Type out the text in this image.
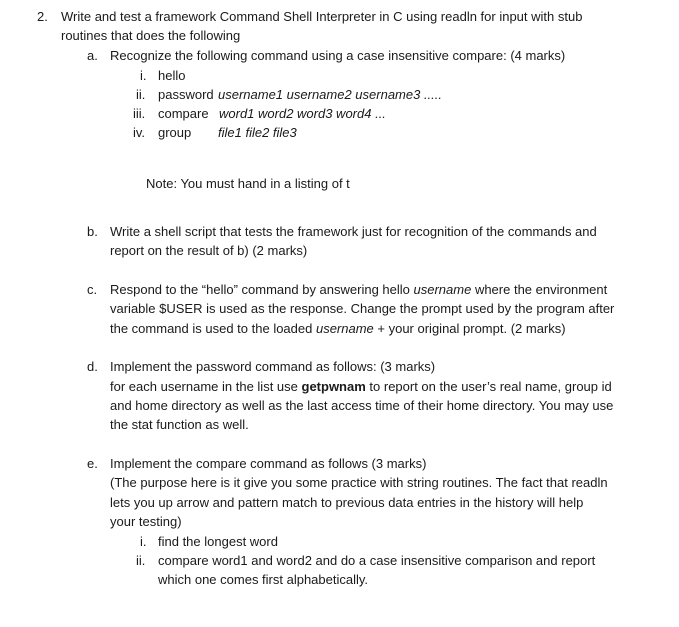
2. Write and test a framework Command Shell Interpreter in C using readln for input with stub
routines that does the following
a. Recognize the following command using a case insensitive compare: (4 marks)
i. hello
ii. password username1 username2 username3 .....
iii. compare word1 word2 word3 word4 ...
iv. group file1 file2 file3
Note: You must hand in a listing of t
b. Write a shell script that tests the framework just for recognition of the commands and
report on the result of b) (2 marks)
c. Respond to the “hello” command by answering hello username where the environment
variable $USER is used as the response. Change the prompt used by the program after
the command is used to the loaded username + your original prompt. (2 marks)
d. Implement the password command as follows: (3 marks)
for each username in the list use getpwnam to report on the user’s real name, group id
and home directory as well as the last access time of their home directory. You may use
the stat function as well.
e. Implement the compare command as follows (3 marks)
(The purpose here is it give you some practice with string routines. The fact that readln
lets you up arrow and pattern match to previous data entries in the history will help
your testing)
i. find the longest word
ii. compare word1 and word2 and do a case insensitive comparison and report
which one comes first alphabetically.
